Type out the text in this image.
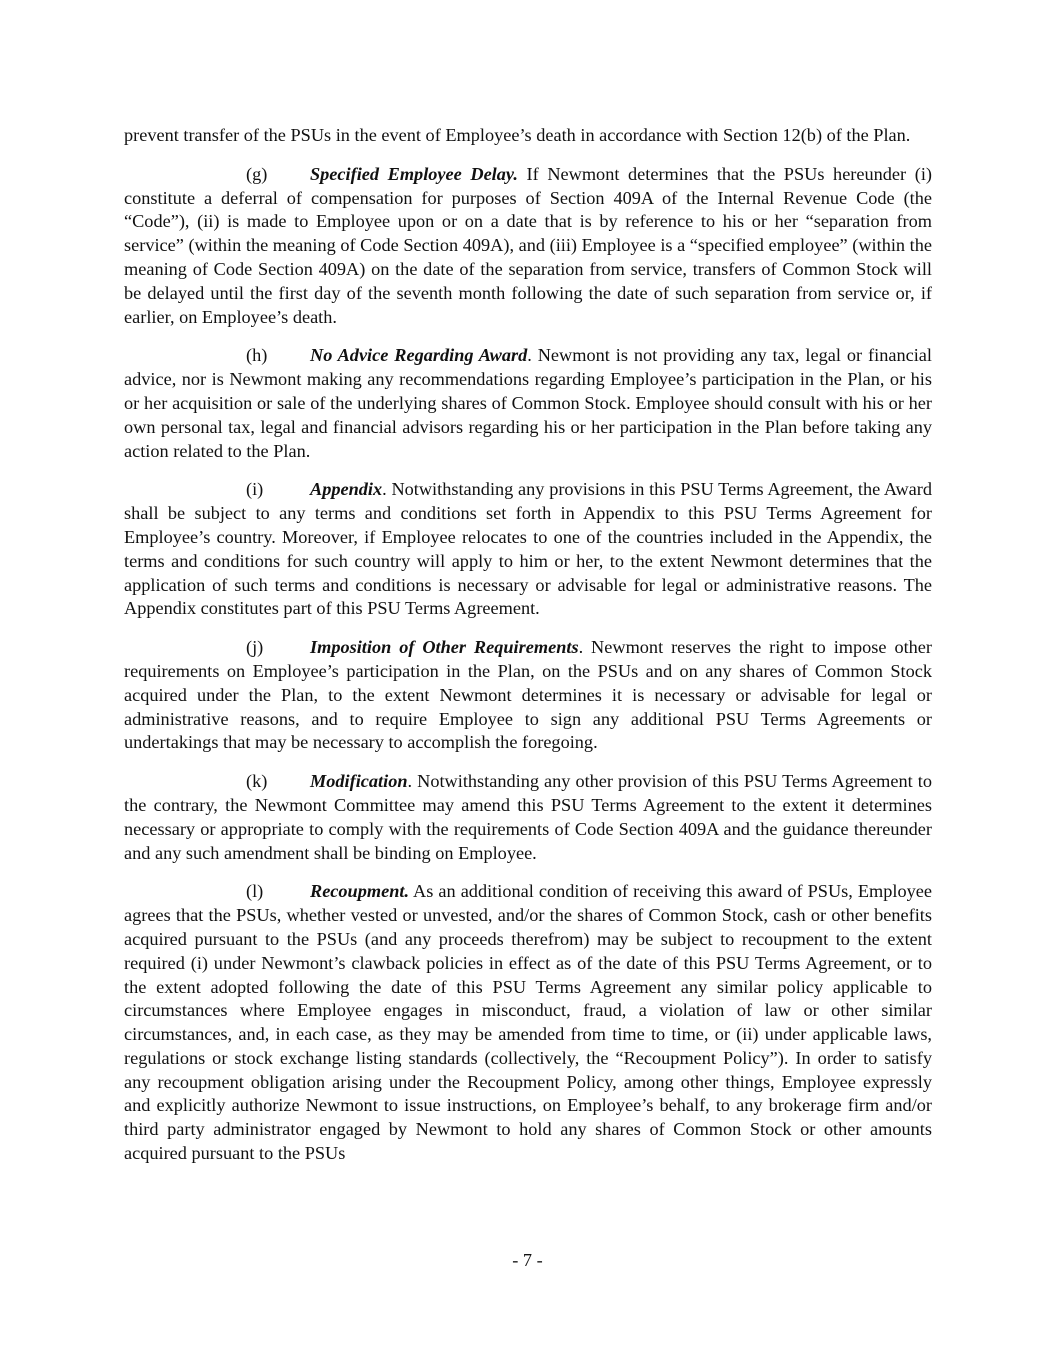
prevent transfer of the PSUs in the event of Employee’s death in accordance with Section 12(b) of the Plan.

(g) Specified Employee Delay. If Newmont determines that the PSUs hereunder (i) constitute a deferral of compensation for purposes of Section 409A of the Internal Revenue Code (the “Code”), (ii) is made to Employee upon or on a date that is by reference to his or her “separation from service” (within the meaning of Code Section 409A), and (iii) Employee is a “specified employee” (within the meaning of Code Section 409A) on the date of the separation from service, transfers of Common Stock will be delayed until the first day of the seventh month following the date of such separation from service or, if earlier, on Employee’s death.

(h) No Advice Regarding Award. Newmont is not providing any tax, legal or financial advice, nor is Newmont making any recommendations regarding Employee’s participation in the Plan, or his or her acquisition or sale of the underlying shares of Common Stock. Employee should consult with his or her own personal tax, legal and financial advisors regarding his or her participation in the Plan before taking any action related to the Plan.

(i)	Appendix. Notwithstanding any provisions in this PSU Terms Agreement, the Award shall be subject to any terms and conditions set forth in Appendix to this PSU Terms Agreement for Employee’s country. Moreover, if Employee relocates to one of the countries included in the Appendix, the terms and conditions for such country will apply to him or her, to the extent Newmont determines that the application of such terms and conditions is necessary or advisable for legal or administrative reasons. The Appendix constitutes part of this PSU Terms Agreement.

(j)	Imposition of Other Requirements. Newmont reserves the right to impose other requirements on Employee’s participation in the Plan, on the PSUs and on any shares of Common Stock acquired under the Plan, to the extent Newmont determines it is necessary or advisable for legal or administrative reasons, and to require Employee to sign any additional PSU Terms Agreements or undertakings that may be necessary to accomplish the foregoing.

(k) Modification. Notwithstanding any other provision of this PSU Terms Agreement to the contrary, the Newmont Committee may amend this PSU Terms Agreement to the extent it determines necessary or appropriate to comply with the requirements of Code Section 409A and the guidance thereunder and any such amendment shall be binding on Employee.

(l)	Recoupment. As an additional condition of receiving this award of PSUs, Employee agrees that the PSUs, whether vested or unvested, and/or the shares of Common Stock, cash or other benefits acquired pursuant to the PSUs (and any proceeds therefrom) may be subject to recoupment to the extent required (i) under Newmont’s clawback policies in effect as of the date of this PSU Terms Agreement, or to the extent adopted following the date of this PSU Terms Agreement any similar policy applicable to circumstances where Employee engages in misconduct, fraud, a violation of law or other similar circumstances, and, in each case, as they may be amended from time to time, or (ii) under applicable laws, regulations or stock exchange listing standards (collectively, the “Recoupment Policy”). In order to satisfy any recoupment obligation arising under the Recoupment Policy, among other things, Employee expressly and explicitly authorize Newmont to issue instructions, on Employee’s behalf, to any brokerage firm and/or third party administrator engaged by Newmont to hold any shares of Common Stock or other amounts acquired pursuant to the PSUs

- 7 -
